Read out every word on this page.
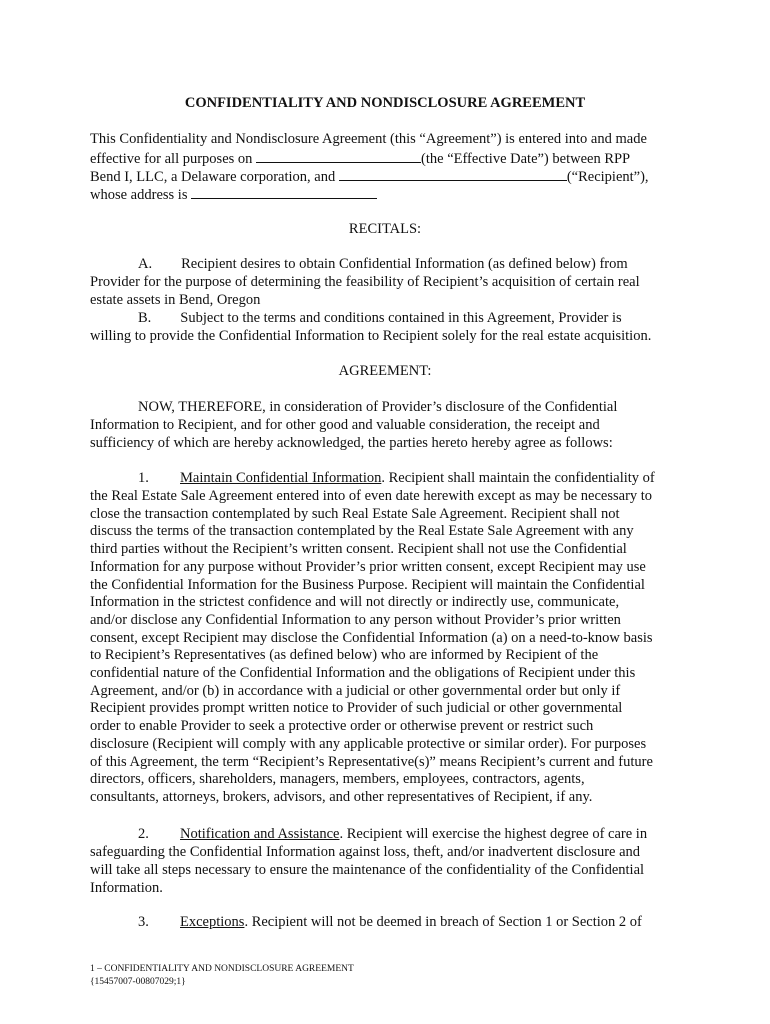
CONFIDENTIALITY AND NONDISCLOSURE AGREEMENT
This Confidentiality and Nondisclosure Agreement (this “Agreement”) is entered into and made
effective for all purposes on	(the “Effective Date”) between RPP
Bend I, LLC, a Delaware corporation, and	(“Recipient”),
whose address is
RECITALS:
A.  Recipient desires to obtain Confidential Information (as defined below) from
Provider for the purpose of determining the feasibility of Recipient’s acquisition of certain real
estate assets in Bend, Oregon
B.  Subject to the terms and conditions contained in this Agreement, Provider is
willing to provide the Confidential Information to Recipient solely for the real estate acquisition.
AGREEMENT:
NOW, THEREFORE, in consideration of Provider’s disclosure of the Confidential
Information to Recipient, and for other good and valuable consideration, the receipt and
sufficiency of which are hereby acknowledged, the parties hereto hereby agree as follows:
1. Maintain Confidential Information. Recipient shall maintain the confidentiality of
the Real Estate Sale Agreement entered into of even date herewith except as may be necessary to
close the transaction contemplated by such Real Estate Sale Agreement. Recipient shall not
discuss the terms of the transaction contemplated by the Real Estate Sale Agreement with any
third parties without the Recipient’s written consent. Recipient shall not use the Confidential
Information for any purpose without Provider’s prior written consent, except Recipient may use
the Confidential Information for the Business Purpose. Recipient will maintain the Confidential
Information in the strictest confidence and will not directly or indirectly use, communicate,
and/or disclose any Confidential Information to any person without Provider’s prior written
consent, except Recipient may disclose the Confidential Information (a) on a need-to-know basis
to Recipient’s Representatives (as defined below) who are informed by Recipient of the
confidential nature of the Confidential Information and the obligations of Recipient under this
Agreement, and/or (b) in accordance with a judicial or other governmental order but only if
Recipient provides prompt written notice to Provider of such judicial or other governmental
order to enable Provider to seek a protective order or otherwise prevent or restrict such
disclosure (Recipient will comply with any applicable protective or similar order). For purposes
of this Agreement, the term “Recipient’s Representative(s)” means Recipient’s current and future
directors, officers, shareholders, managers, members, employees, contractors, agents,
consultants, attorneys, brokers, advisors, and other representatives of Recipient, if any.
2. Notification and Assistance. Recipient will exercise the highest degree of care in
safeguarding the Confidential Information against loss, theft, and/or inadvertent disclosure and
will take all steps necessary to ensure the maintenance of the confidentiality of the Confidential
Information.
3. Exceptions. Recipient will not be deemed in breach of Section 1 or Section 2 of
1 – CONFIDENTIALITY AND NONDISCLOSURE AGREEMENT
{15457007-00807029;1}
